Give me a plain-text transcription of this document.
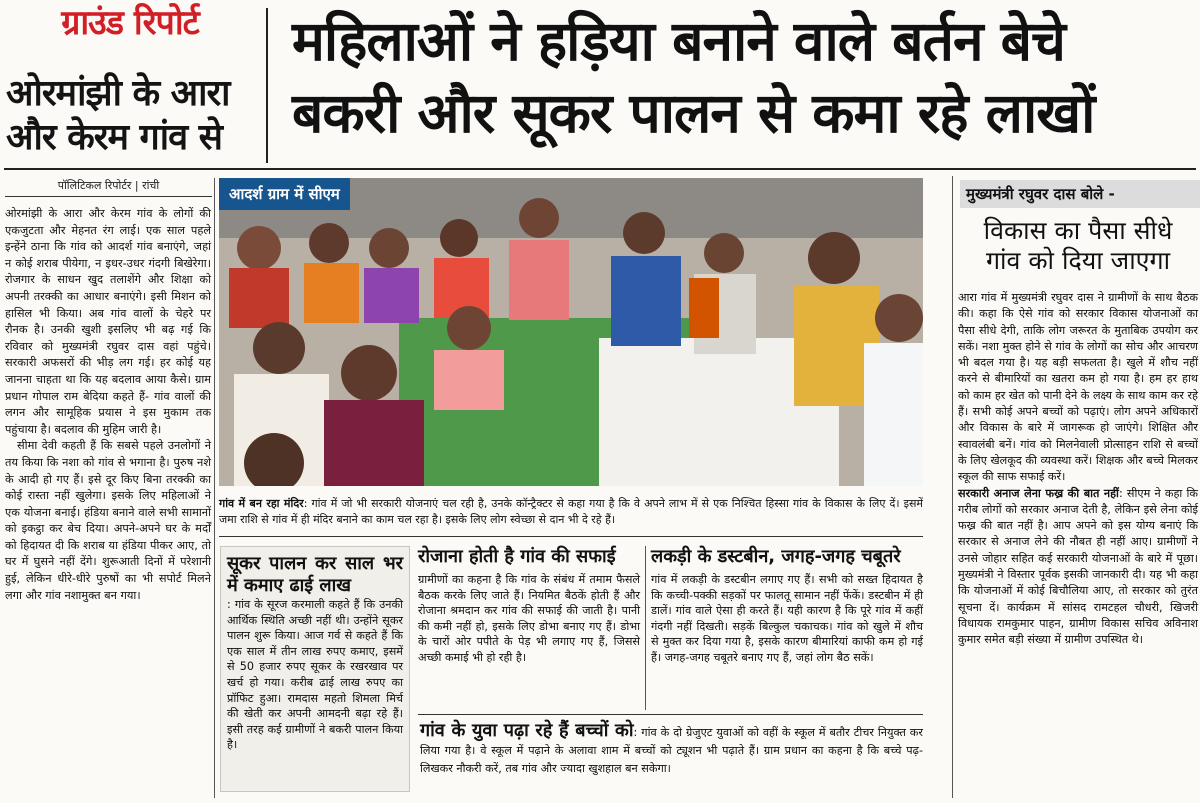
ग्राउंड रिपोर्ट
ओरमांझी के आरा
और केरम गांव से
महिलाओं ने हड़िया बनाने वाले बर्तन बेचे
बकरी और सूकर पालन से कमा रहे लाखों
पॉलिटिकल रिपोर्टर | रांची

ओरमांझी के आरा और केरम गांव के लोगों की एकजुटता और मेहनत रंग लाई। एक साल पहले इन्हेंने ठाना कि गांव को आदर्श गांव बनाएंगे, जहां न कोई शराब पीयेगा, न इधर-उधर गंदगी बिखेरेगा। रोजगार के साधन खुद तलाशेंगे और शिक्षा को अपनी तरक्की का आधार बनाएंगे। इसी मिशन को हासिल भी किया। अब गांव वालों के चेहरे पर रौनक है। उनकी खुशी इसलिए भी बढ़ गई कि रविवार को मुख्यमंत्री रघुवर दास वहां पहुंचे। सरकारी अफसरों की भीड़ लग गई। हर कोई यह जानना चाहता था कि यह बदलाव आया कैसे। ग्राम प्रधान गोपाल राम बेदिया कहते हैं- गांव वालों की लगन और सामूहिक प्रयास ने इस मुकाम तक पहुंचाया है। बदलाव की मुहिम जारी है।

सीमा देवी कहती हैं कि सबसे पहले उनलोगों ने तय किया कि नशा को गांव से भगाना है। पुरुष नशे के आदी हो गए हैं। इसे दूर किए बिना तरक्की का कोई रास्ता नहीं खुलेगा। इसके लिए महिलाओं ने एक योजना बनाई। हंडिया बनाने वाले सभी सामानों को इकट्ठा कर बेच दिया। अपने-अपने घर के मर्दों को हिदायत दी कि शराब या हंडिया पीकर आए, तो घर में घुसने नहीं देंगे। शुरूआती दिनों में परेशानी हुई, लेकिन धीरे-धीरे पुरुषों का भी सपोर्ट मिलने लगा और गांव नशामुक्त बन गया।

आदर्श ग्राम में सीएम
गांव में बन रहा मंदिर: गांव में जो भी सरकारी योजनाएं चल रही है, उनके कॉन्ट्रैक्टर से कहा गया है कि वे अपने लाभ में से एक निश्चित हिस्सा गांव के विकास के लिए दें। इसमें जमा राशि से गांव में ही मंदिर बनाने का काम चल रहा है। इसके लिए लोग स्वेच्छा से दान भी दे रहे हैं।
सूकर पालन कर साल भर में कमाए ढाई लाख
: गांव के सूरज करमाली कहते हैं कि उनकी आर्थिक स्थिति अच्छी नहीं थी। उन्होंने सूकर पालन शुरू किया। आज गर्व से कहते हैं कि एक साल में तीन लाख रुपए कमाए, इसमें से 50 हजार रुपए सूकर के रखरखाव पर खर्च हो गया। करीब ढाई लाख रुपए का प्रॉफिट हुआ। रामदास महतो शिमला मिर्च की खेती कर अपनी आमदनी बढ़ा रहे हैं। इसी तरह कई ग्रामीणों ने बकरी पालन किया है।
रोजाना होती है गांव की सफाई
ग्रामीणों का कहना है कि गांव के संबंध में तमाम फैसले बैठक करके लिए जाते हैं। नियमित बैठकें होती हैं और रोजाना श्रमदान कर गांव की सफाई की जाती है। पानी की कमी नहीं हो, इसके लिए डोभा बनाए गए हैं। डोभा के चारों ओर पपीते के पेड़ भी लगाए गए हैं, जिससे अच्छी कमाई भी हो रही है।
लकड़ी के डस्टबीन, जगह-जगह चबूतरे
गांव में लकड़ी के डस्टबीन लगाए गए हैं। सभी को सख्त हिदायत है कि कच्ची-पक्की सड़कों पर फालतू सामान नहीं फेंकें। डस्टबीन में ही डालें। गांव वाले ऐसा ही करते हैं। यही कारण है कि पूरे गांव में कहीं गंदगी नहीं दिखती। सड़कें बिल्कुल चकाचक। गांव को खुले में शौच से मुक्त कर दिया गया है, इसके कारण बीमारियां काफी कम हो गई हैं। जगह-जगह चबूतरे बनाए गए हैं, जहां लोग बैठ सकें।
गांव के युवा पढ़ा रहे हैं बच्चों को: गांव के दो ग्रेजुएट युवाओं को वहीं के स्कूल में बतौर टीचर नियुक्त कर लिया गया है। वे स्कूल में पढ़ाने के अलावा शाम में बच्चों को ट्यूशन भी पढ़ाते हैं। ग्राम प्रधान का कहना है कि बच्चे पढ़-लिखकर नौकरी करें, तब गांव और ज्यादा खुशहाल बन सकेगा।
मुख्यमंत्री रघुवर दास बोले -
विकास का पैसा सीधे
गांव को दिया जाएगा

आरा गांव में मुख्यमंत्री रघुवर दास ने ग्रामीणों के साथ बैठक की। कहा कि ऐसे गांव को सरकार विकास योजनाओं का पैसा सीधे देगी, ताकि लोग जरूरत के मुताबिक उपयोग कर सकें। नशा मुक्त होने से गांव के लोगों का सोच और आचरण भी बदल गया है। यह बड़ी सफलता है। खुले में शौच नहीं करने से बीमारियों का खतरा कम हो गया है। हम हर हाथ को काम हर खेत को पानी देने के लक्ष्य के साथ काम कर रहे हैं। सभी कोई अपने बच्चों को पढ़ाएं। लोग अपने अधिकारों और विकास के बारे में जागरूक हो जाएंगे। शिक्षित और स्वावलंबी बनें। गांव को मिलनेवाली प्रोत्साहन राशि से बच्चों के लिए खेलकूद की व्यवस्था करें। शिक्षक और बच्चे मिलकर स्कूल की साफ सफाई करें।

सरकारी अनाज लेना फख्र की बात नहीं: सीएम ने कहा कि गरीब लोगों को सरकार अनाज देती है, लेकिन इसे लेना कोई फख्र की बात नहीं है। आप अपने को इस योग्य बनाएं कि सरकार से अनाज लेने की नौबत ही नहीं आए। ग्रामीणों ने उनसे जोहार सहित कई सरकारी योजनाओं के बारे में पूछा। मुख्यमंत्री ने विस्तार पूर्वक इसकी जानकारी दी। यह भी कहा कि योजनाओं में कोई बिचौलिया आए, तो सरकार को तुरंत सूचना दें। कार्यक्रम में सांसद रामटहल चौधरी, खिजरी विधायक रामकुमार पाहन, ग्रामीण विकास सचिव अविनाश कुमार समेत बड़ी संख्या में ग्रामीण उपस्थित थे।
